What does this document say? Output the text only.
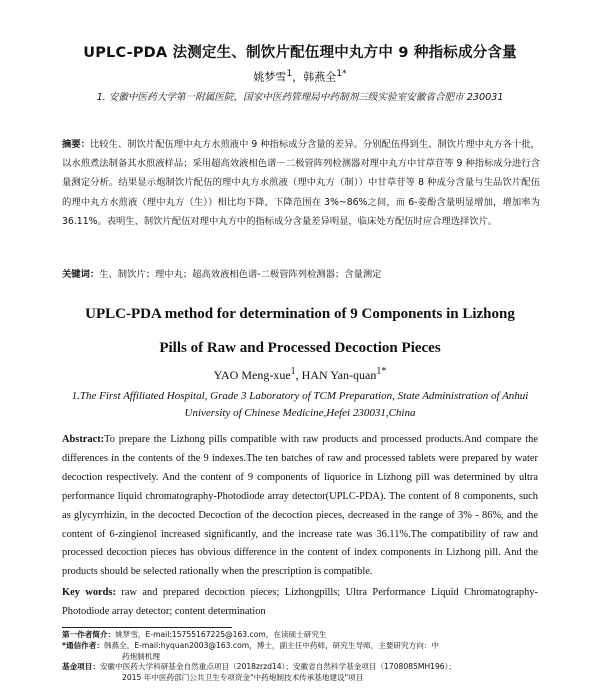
UPLC-PDA 法测定生、制饮片配伍理中丸方中 9 种指标成分含量
姚梦雪$^1$，韩燕全$^{1*}$
1. 安徽中医药大学第一附属医院，国家中医药管理局中药制剂三级实验室安徽省合肥市 230031
摘要：比较生、制饮片配伍理中丸方水煎液中 9 种指标成分含量的差异。分别配伍得到生、制饮片理中丸方各十批，以水煎煮法制备其水煎液样品；采用超高效液相色谱－二极管阵列检测器对理中丸方中甘草苷等 9 种指标成分进行含量测定分析。结果显示炮制饮片配伍的理中丸方水煎液（理中丸方（制））中甘草苷等 8 种成分含量与生品饮片配伍的理中丸方水煎液（理中丸方（生））相比均下降，下降范围在 3%~86%之间，而 6-姜酚含量明显增加，增加率为 36.11%。表明生、制饮片配伍对理中丸方中的指标成分含量差异明显，临床处方配伍时应合理选择饮片。
关键词：生、制饮片；理中丸；超高效液相色谱-二极管阵列检测器；含量测定
UPLC-PDA method for determination of 9 Components in Lizhong
Pills of Raw and Processed Decoction Pieces
YAO Meng-xue$^1$, HAN Yan-quan$^{1*}$
1.The First Affiliated Hospital, Grade 3 Laboratory of TCM Preparation, State Administration of Anhui University of Chinese Medicine,Hefei 230031,China
Abstract:To prepare the Lizhong pills compatible with raw products and processed products.And compare the differences in the contents of the 9 indexes.The ten batches of raw and processed tablets were prepared by water decoction respectively. And the content of 9 components of liquorice in Lizhong pill was determined by ultra performance liquid chromatography-Photodiode array detector(UPLC-PDA). The content of 8 components, such as glycyrrhizin, in the decocted Decoction of the decoction pieces, decreased in the range of 3% - 86%, and the content of 6-zingienol increased significantly, and the increase rate was 36.11%.The compatibility of raw and processed decoction pieces has obvious difference in the content of index components in Lizhong pill. And the products should be selected rationally when the prescription is compatible.
Key words: raw and prepared decoction pieces; Lizhongpills; Ultra Performance Liquid Chromatography-Photodiode array detector; content determination
第一作者简介：姚梦雪，E-mail:15755167225@163.com，在读硕士研究生
*通信作者：韩燕全，E-mail:hyquan2003@163.com，博士，副主任中药师，研究生导师，主要研究方向：中
药炮制机理
基金项目：安徽中医药大学科研基金自然重点项目（2018zrzd14）；安徽省自然科学基金项目（1708085MH196）；
2015 年中医药部门公共卫生专项资金"中药炮制技术传承基地建设"项目
